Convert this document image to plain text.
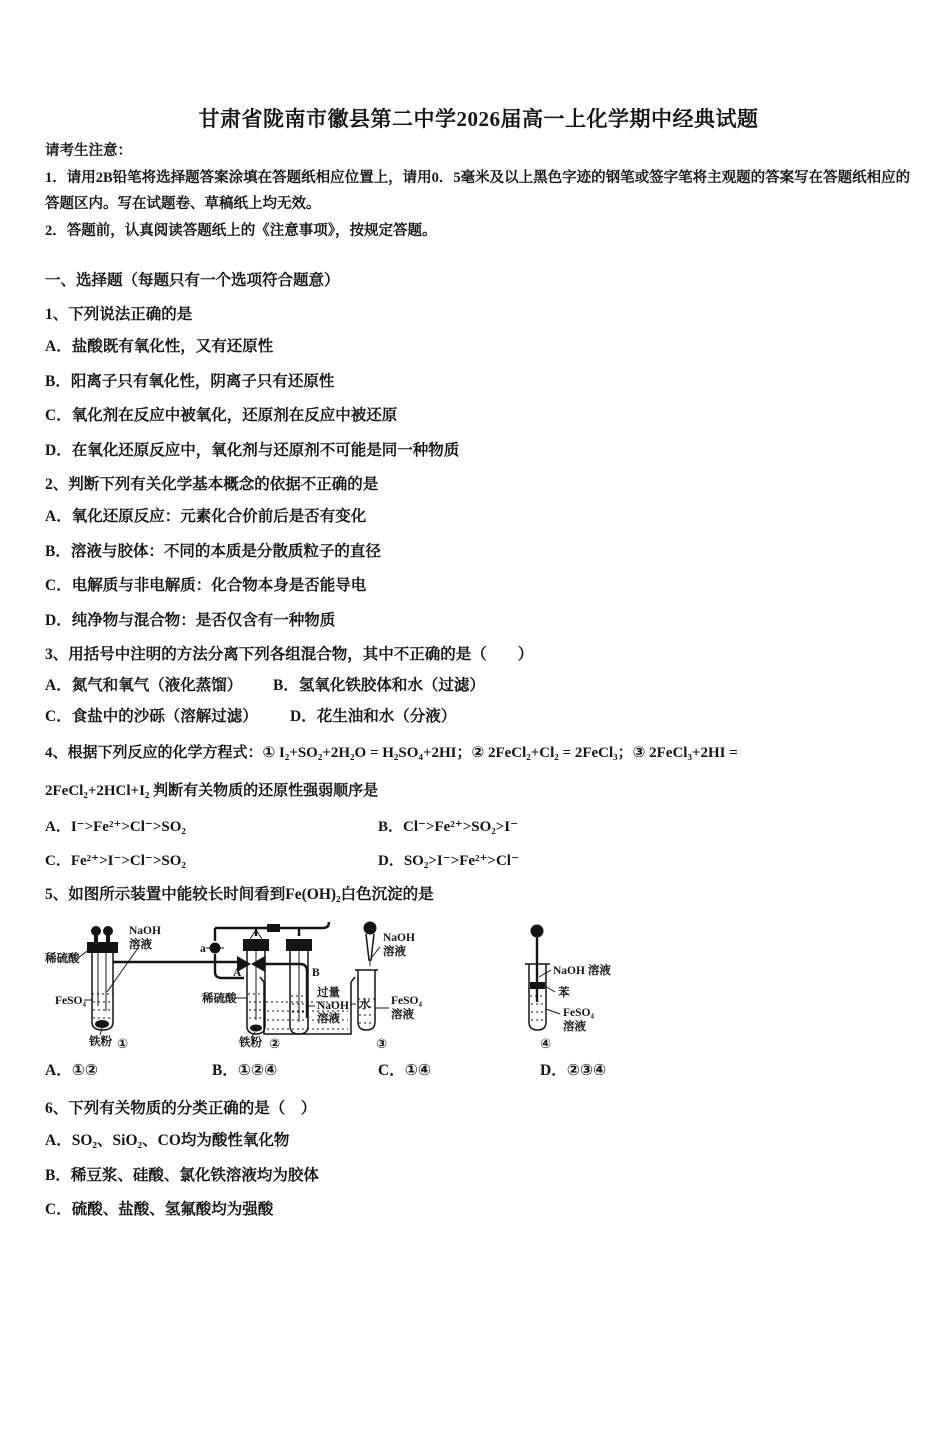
甘肃省陇南市徽县第二中学2026届高一上化学期中经典试题

请考生注意：

1．请用2B铅笔将选择题答案涂填在答题纸相应位置上，请用0．5毫米及以上黑色字迹的钢笔或签字笔将主观题的答案写在答题纸相应的答题区内。写在试题卷、草稿纸上均无效。

2．答题前，认真阅读答题纸上的《注意事项》，按规定答题。

一、选择题（每题只有一个选项符合题意）
1、下列说法正确的是
A．盐酸既有氧化性，又有还原性
B．阳离子只有氧化性，阴离子只有还原性
C．氧化剂在反应中被氧化，还原剂在反应中被还原
D．在氧化还原反应中，氧化剂与还原剂不可能是同一种物质
2、判断下列有关化学基本概念的依据不正确的是
A．氧化还原反应：元素化合价前后是否有变化
B．溶液与胶体：不同的本质是分散质粒子的直径
C．电解质与非电解质：化合物本身是否能导电
D．纯净物与混合物：是否仅含有一种物质
3、用括号中注明的方法分离下列各组混合物，其中不正确的是（　　）
A．氮气和氧气（液化蒸馏）	B．氢氧化铁胶体和水（过滤）
C．食盐中的沙砾（溶解过滤）	D．花生油和水（分液）
4、根据下列反应的化学方程式：① I₂+SO₂+2H₂O = H₂SO₄+2HI；② 2FeCl₂+Cl₂ = 2FeCl₃；③ 2FeCl₃+2HI =
2FeCl₂+2HCl+I₂ 判断有关物质的还原性强弱顺序是
A．I⁻>Fe²⁺>Cl⁻>SO₂	B．Cl⁻>Fe²⁺>SO₂>I⁻
C．Fe²⁺>I⁻>Cl⁻>SO₂	D．SO₂>I⁻>Fe²⁺>Cl⁻
5、如图所示装置中能较长时间看到Fe(OH)₂白色沉淀的是
NaOH
溶液
稀硫酸
FeSO₄
铁粉
水
①
a
A	B
稀硫酸
铁粉
过量
NaOH
溶液
②
NaOH
溶液
FeSO₄
溶液
③
NaOH 溶液
苯
FeSO₄
溶液
④
A．①②	B．①②④	C．①④	D．②③④
6、下列有关物质的分类正确的是（　）
A．SO₂、SiO₂、CO均为酸性氧化物
B．稀豆浆、硅酸、氯化铁溶液均为胶体
C．硫酸、盐酸、氢氟酸均为强酸
